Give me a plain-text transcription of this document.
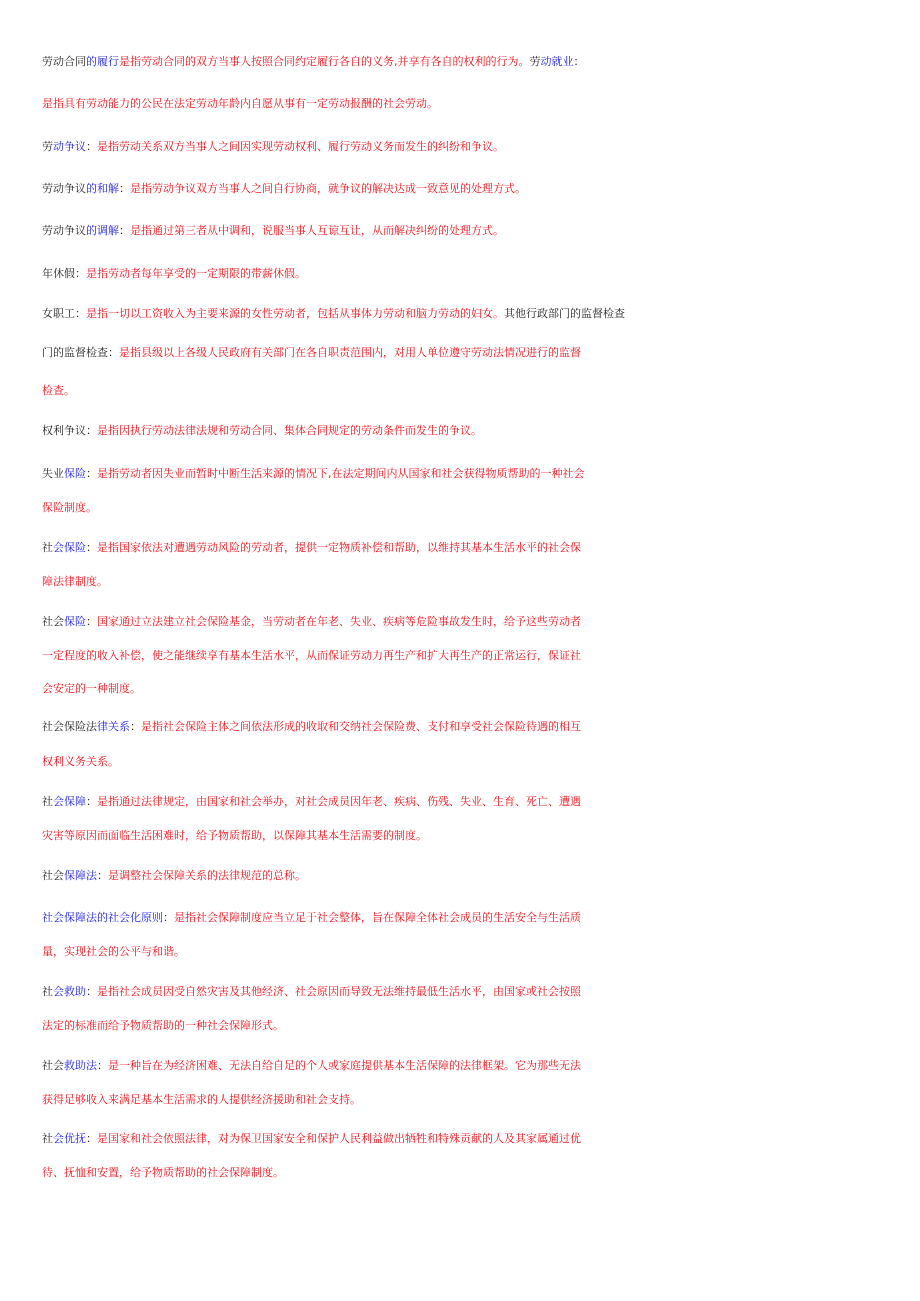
劳动合同的履行是指劳动合同的双方当事人按照合同约定履行各自的义务,并享有各自的权利的行为。劳动就业：
是指具有劳动能力的公民在法定劳动年龄内自愿从事有一定劳动报酬的社会劳动。
劳动争议：是指劳动关系双方当事人之间因实现劳动权利、履行劳动义务而发生的纠纷和争议。
劳动争议的和解：是指劳动争议双方当事人之间自行协商，就争议的解决达成一致意见的处理方式。
劳动争议的调解：是指通过第三者从中调和，说服当事人互谅互让，从而解决纠纷的处理方式。
年休假：是指劳动者每年享受的一定期限的带薪休假。
女职工：是指一切以工资收入为主要来源的女性劳动者，包括从事体力劳动和脑力劳动的妇女。其他行政部门的监督检查
门的监督检查：是指县级以上各级人民政府有关部门在各自职责范围内，对用人单位遵守劳动法情况进行的监督
检查。
权利争议：是指因执行劳动法律法规和劳动合同、集体合同规定的劳动条件而发生的争议。
失业保险：是指劳动者因失业而暂时中断生活来源的情况下,在法定期间内从国家和社会获得物质帮助的一种社会
保险制度。
社会保险：是指国家依法对遭遇劳动风险的劳动者，提供一定物质补偿和帮助，以维持其基本生活水平的社会保
障法律制度。
社会保险：国家通过立法建立社会保险基金，当劳动者在年老、失业、疾病等危险事故发生时，给予这些劳动者
一定程度的收入补偿，使之能继续享有基本生活水平，从而保证劳动力再生产和扩大再生产的正常运行，保证社
会安定的一种制度。
社会保险法律关系：是指社会保险主体之间依法形成的收取和交纳社会保险费、支付和享受社会保险待遇的相互
权利义务关系。
社会保障：是指通过法律规定，由国家和社会举办，对社会成员因年老、疾病、伤残、失业、生育、死亡、遭遇
灾害等原因而面临生活困难时，给予物质帮助，以保障其基本生活需要的制度。
社会保障法：是调整社会保障关系的法律规范的总称。
社会保障法的社会化原则：是指社会保障制度应当立足于社会整体，旨在保障全体社会成员的生活安全与生活质
量，实现社会的公平与和谐。
社会救助：是指社会成员因受自然灾害及其他经济、社会原因而导致无法维持最低生活水平，由国家或社会按照
法定的标准而给予物质帮助的一种社会保障形式。
社会救助法：是一种旨在为经济困难、无法自给自足的个人或家庭提供基本生活保障的法律框架。它为那些无法
获得足够收入来满足基本生活需求的人提供经济援助和社会支持。
社会优抚：是国家和社会依照法律，对为保卫国家安全和保护人民利益做出牺牲和特殊贡献的人及其家属通过优
待、抚恤和安置，给予物质帮助的社会保障制度。
